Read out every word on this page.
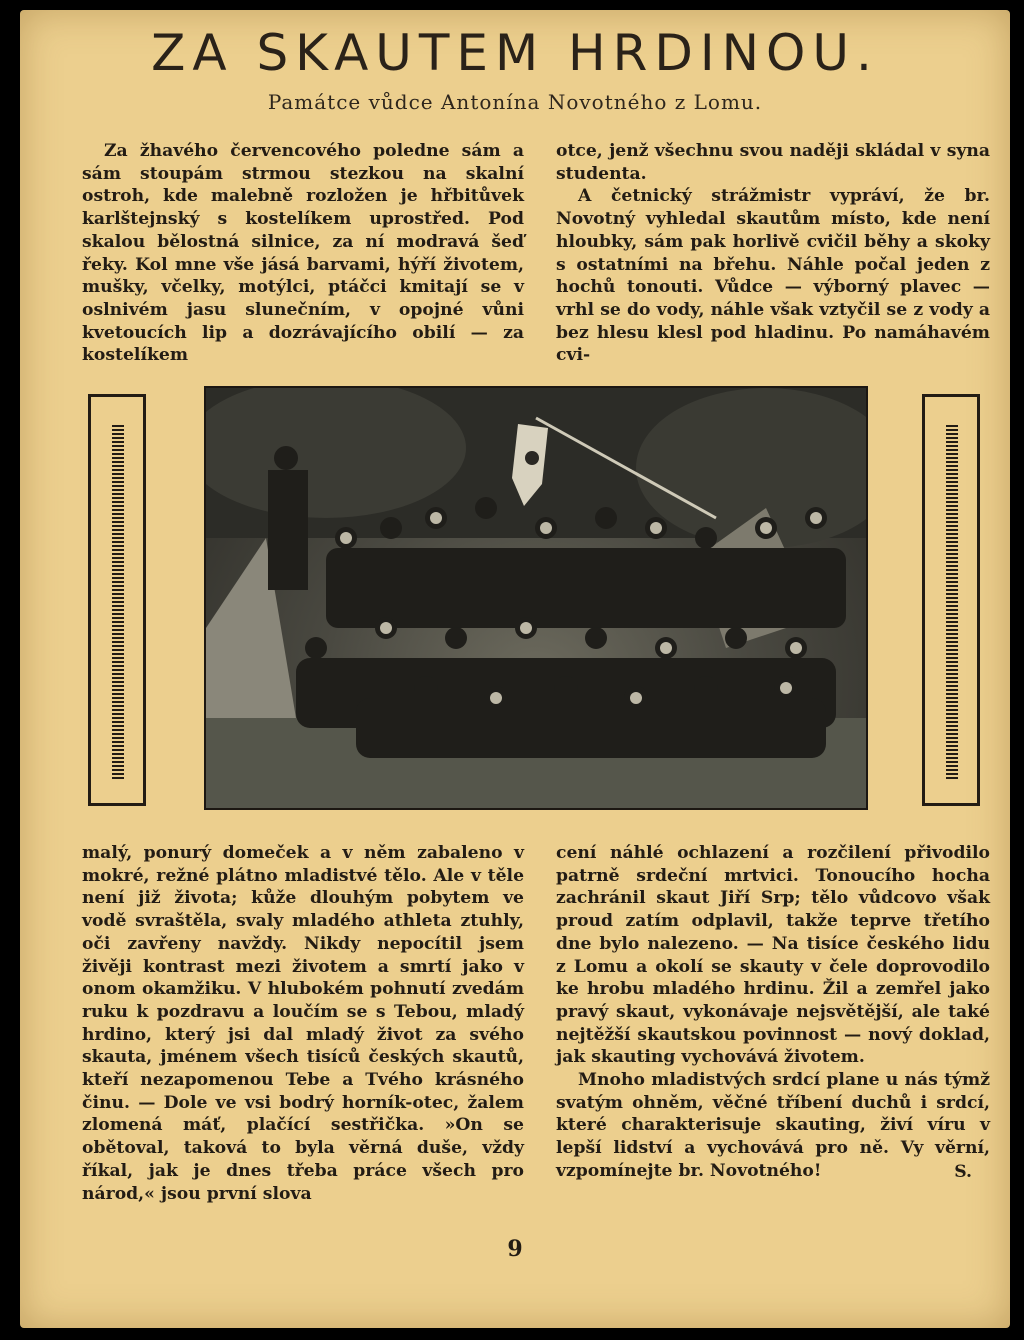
ZA SKAUTEM HRDINOU.
Památce vůdce Antonína Novotného z Lomu.

Za žhavého červencového poledne sám a sám stoupám strmou stezkou na skalní ostroh, kde malebně rozložen je hřbitůvek karlštejnský s kostelíkem uprostřed. Pod skalou bělostná silnice, za ní modravá šeď řeky. Kol mne vše jásá barvami, hýří životem, mušky, včelky, motýlci, ptáčci kmitají se v oslnivém jasu slunečním, v opojné vůni kvetoucích lip a dozrávajícího obilí — za kostelíkem

otce, jenž všechnu svou naději skládal v syna studenta.

A četnický strážmistr vypráví, že br. Novotný vyhledal skautům místo, kde není hloubky, sám pak horlivě cvičil běhy a skoky s ostatními na břehu. Náhle počal jeden z hochů tonouti. Vůdce — výborný plavec — vrhl se do vody, náhle však vztyčil se z vody a bez hlesu klesl pod hladinu. Po namáhavém cvi-

malý, ponurý domeček a v něm zabaleno v mokré, režné plátno mladistvé tělo. Ale v těle není již života; kůže dlouhým pobytem ve vodě svraštěla, svaly mladého athleta ztuhly, oči zavřeny navždy. Nikdy nepocítil jsem živěji kontrast mezi životem a smrtí jako v onom okamžiku. V hlubokém pohnutí zvedám ruku k pozdravu a loučím se s Tebou, mladý hrdino, který jsi dal mladý život za svého skauta, jménem všech tisíců českých skautů, kteří nezapomenou Tebe a Tvého krásného činu. — Dole ve vsi bodrý horník-otec, žalem zlomená máť, plačící sestřička. »On se obětoval, taková to byla věrná duše, vždy říkal, jak je dnes třeba práce všech pro národ,« jsou první slova

cení náhlé ochlazení a rozčilení přivodilo patrně srdeční mrtvici. Tonoucího hocha zachránil skaut Jiří Srp; tělo vůdcovo však proud zatím odplavil, takže teprve třetího dne bylo nalezeno. — Na tisíce českého lidu z Lomu a okolí se skauty v čele doprovodilo ke hrobu mladého hrdinu. Žil a zemřel jako pravý skaut, vykonávaje nejsvětější, ale také nejtěžší skautskou povinnost — nový doklad, jak skauting vychovává životem.

Mnoho mladistvých srdcí plane u nás týmž svatým ohněm, věčné tříbení duchů i srdcí, které charakterisuje skauting, živí víru v lepší lidství a vychovává pro ně. Vy věrní, vzpomínejte br. Novotného!	S.

9
